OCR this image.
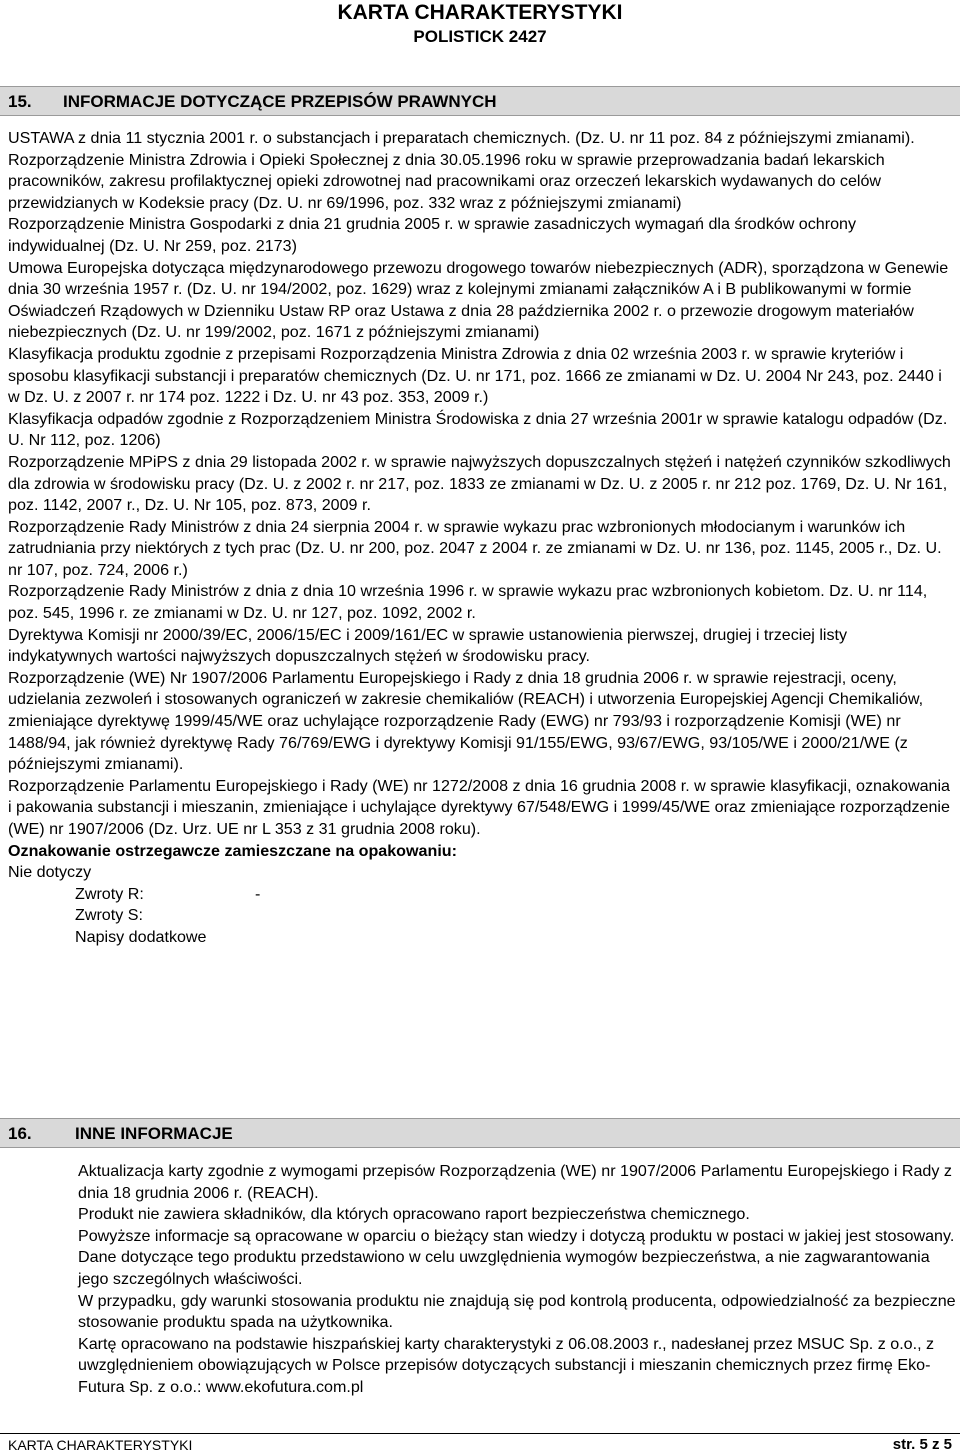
KARTA CHARAKTERYSTYKI
POLISTICK 2427
15. INFORMACJE DOTYCZĄCE PRZEPISÓW PRAWNYCH

USTAWA z dnia 11 stycznia 2001 r. o substancjach i preparatach chemicznych. (Dz. U. nr 11 poz. 84 z późniejszymi zmianami).

Rozporządzenie Ministra Zdrowia i Opieki Społecznej z dnia 30.05.1996 roku w sprawie przeprowadzania badań lekarskich pracowników, zakresu profilaktycznej opieki zdrowotnej nad pracownikami oraz orzeczeń lekarskich wydawanych do celów przewidzianych w Kodeksie pracy (Dz. U. nr 69/1996, poz. 332 wraz z późniejszymi zmianami)

Rozporządzenie Ministra Gospodarki z dnia 21 grudnia 2005 r. w sprawie zasadniczych wymagań dla środków ochrony indywidualnej (Dz. U. Nr 259, poz. 2173)

Umowa Europejska dotycząca międzynarodowego przewozu drogowego towarów niebezpiecznych (ADR), sporządzona w Genewie dnia 30 września 1957 r. (Dz. U. nr 194/2002, poz. 1629) wraz z kolejnymi zmianami załączników A i B publikowanymi w formie Oświadczeń Rządowych w Dzienniku Ustaw RP oraz Ustawa z dnia 28 października 2002 r. o przewozie drogowym materiałów niebezpiecznych (Dz. U. nr 199/2002, poz. 1671 z późniejszymi zmianami)

Klasyfikacja produktu zgodnie z przepisami Rozporządzenia Ministra Zdrowia z dnia 02 września 2003 r. w sprawie kryteriów i sposobu klasyfikacji substancji i preparatów chemicznych (Dz. U. nr 171, poz. 1666 ze zmianami w Dz. U. 2004 Nr 243, poz. 2440 i w Dz. U. z 2007 r. nr 174 poz. 1222 i Dz. U. nr 43 poz. 353, 2009 r.)

Klasyfikacja odpadów zgodnie z Rozporządzeniem Ministra Środowiska z dnia 27 września 2001r w sprawie katalogu odpadów (Dz. U. Nr 112, poz. 1206)

Rozporządzenie MPiPS z dnia 29 listopada 2002 r. w sprawie najwyższych dopuszczalnych stężeń i natężeń czynników szkodliwych dla zdrowia w środowisku pracy (Dz. U. z 2002 r. nr 217, poz. 1833 ze zmianami w Dz. U. z 2005 r. nr 212 poz. 1769, Dz. U. Nr 161, poz. 1142, 2007 r., Dz. U. Nr 105, poz. 873, 2009 r.

Rozporządzenie Rady Ministrów z dnia 24 sierpnia 2004 r. w sprawie wykazu prac wzbronionych młodocianym i warunków ich zatrudniania przy niektórych z tych prac (Dz. U. nr 200, poz. 2047 z 2004 r. ze zmianami w Dz. U. nr 136, poz. 1145, 2005 r., Dz. U. nr 107, poz. 724, 2006 r.)

Rozporządzenie Rady Ministrów z dnia z dnia 10 września 1996 r. w sprawie wykazu prac wzbronionych kobietom. Dz. U. nr 114, poz. 545, 1996 r. ze zmianami w Dz. U. nr 127, poz. 1092, 2002 r.

Dyrektywa Komisji nr 2000/39/EC, 2006/15/EC i 2009/161/EC w sprawie ustanowienia pierwszej, drugiej i trzeciej listy indykatywnych wartości najwyższych dopuszczalnych stężeń w środowisku pracy.

Rozporządzenie (WE) Nr 1907/2006 Parlamentu Europejskiego i Rady z dnia 18 grudnia 2006 r. w sprawie rejestracji, oceny, udzielania zezwoleń i stosowanych ograniczeń w zakresie chemikaliów (REACH) i utworzenia Europejskiej Agencji Chemikaliów, zmieniające dyrektywę 1999/45/WE oraz uchylające rozporządzenie Rady (EWG) nr 793/93 i rozporządzenie Komisji (WE) nr 1488/94, jak również dyrektywę Rady 76/769/EWG i dyrektywy Komisji 91/155/EWG, 93/67/EWG, 93/105/WE i 2000/21/WE (z późniejszymi zmianami).

Rozporządzenie Parlamentu Europejskiego i Rady (WE) nr 1272/2008 z dnia 16 grudnia 2008 r. w sprawie klasyfikacji, oznakowania i pakowania substancji i mieszanin, zmieniające i uchylające dyrektywy 67/548/EWG i 1999/45/WE oraz zmieniające rozporządzenie (WE) nr 1907/2006 (Dz. Urz. UE nr L 353 z 31 grudnia 2008 roku).

Oznakowanie ostrzegawcze zamieszczane na opakowaniu:

Nie dotyczy

Zwroty R:	-

Zwroty S:

Napisy dodatkowe

16.	INNE INFORMACJE

Aktualizacja karty zgodnie z wymogami przepisów Rozporządzenia (WE) nr 1907/2006 Parlamentu Europejskiego i Rady z dnia 18 grudnia 2006 r. (REACH).

Produkt nie zawiera składników, dla których opracowano raport bezpieczeństwa chemicznego.

Powyższe informacje są opracowane w oparciu o bieżący stan wiedzy i dotyczą produktu w postaci w jakiej jest stosowany. Dane dotyczące tego produktu przedstawiono w celu uwzględnienia wymogów bezpieczeństwa, a nie zagwarantowania jego szczególnych właściwości.

W przypadku, gdy warunki stosowania produktu nie znajdują się pod kontrolą producenta, odpowiedzialność za bezpieczne stosowanie produktu spada na użytkownika.

Kartę opracowano na podstawie hiszpańskiej karty charakterystyki z 06.08.2003 r., nadesłanej przez MSUC Sp. z o.o., z uwzględnieniem obowiązujących w Polsce przepisów dotyczących substancji i mieszanin chemicznych przez firmę Eko-Futura Sp. z o.o.: www.ekofutura.com.pl

KARTA CHARAKTERYSTYKI	str. 5 z 5
